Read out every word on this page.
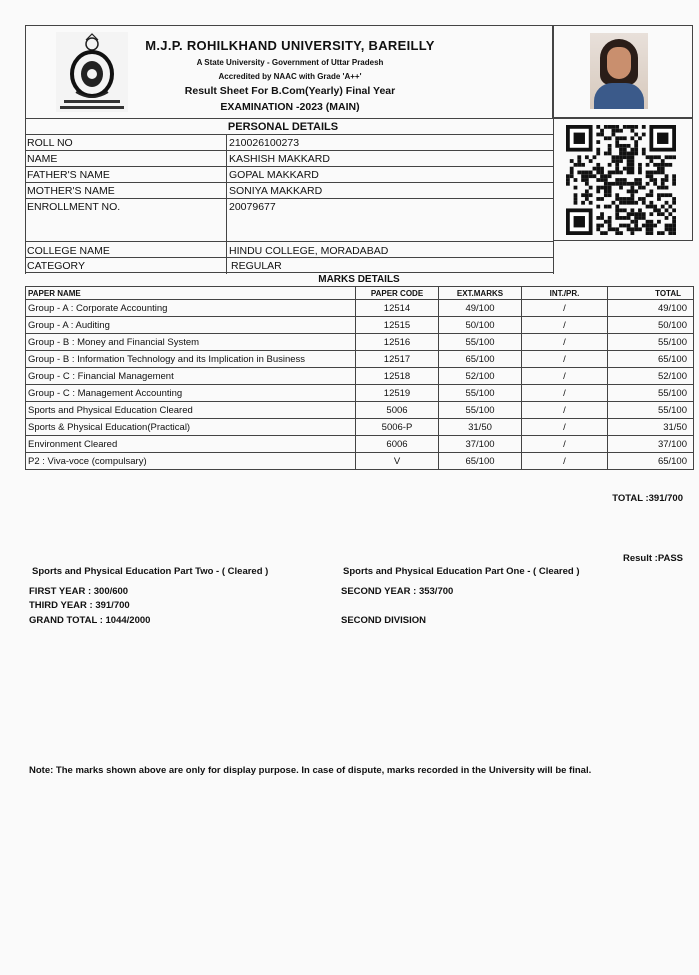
M.J.P. ROHILKHAND UNIVERSITY, BAREILLY
A State University - Government of Uttar Pradesh
Accredited by NAAC with Grade 'A++'
Result Sheet For B.Com(Yearly) Final Year
EXAMINATION -2023 (MAIN)
PERSONAL DETAILS
ROLL NO	210026100273
NAME	KASHISH MAKKARD
FATHER'S NAME	GOPAL MAKKARD
MOTHER'S NAME	SONIYA MAKKARD
ENROLLMENT NO.	20079677
COLLEGE NAME	HINDU COLLEGE, MORADABAD
CATEGORY	REGULAR
MARKS DETAILS
PAPER NAME	PAPER CODE	EXT.MARKS	INT./PR.	TOTAL
Group - A : Corporate Accounting	12514	49/100	/	49/100
Group - A : Auditing	12515	50/100	/	50/100
Group - B : Money and Financial System	12516	55/100	/	55/100
Group - B : Information Technology and its Implication in Business	12517	65/100	/	65/100
Group - C : Financial Management	12518	52/100	/	52/100
Group - C : Management Accounting	12519	55/100	/	55/100
Sports and Physical Education Cleared	5006	55/100	/	55/100
Sports & Physical Education(Practical)	5006-P	31/50	/	31/50
Environment Cleared	6006	37/100	/	37/100
P2 : Viva-voce (compulsary)	V	65/100	/	65/100
TOTAL :391/700
Result :PASS
Sports and Physical Education Part Two - ( Cleared )	Sports and Physical Education Part One - ( Cleared )
FIRST YEAR : 300/600	SECOND YEAR : 353/700
THIRD YEAR : 391/700
GRAND TOTAL : 1044/2000	SECOND DIVISION
Note: The marks shown above are only for display purpose. In case of dispute, marks recorded in the University will be final.
